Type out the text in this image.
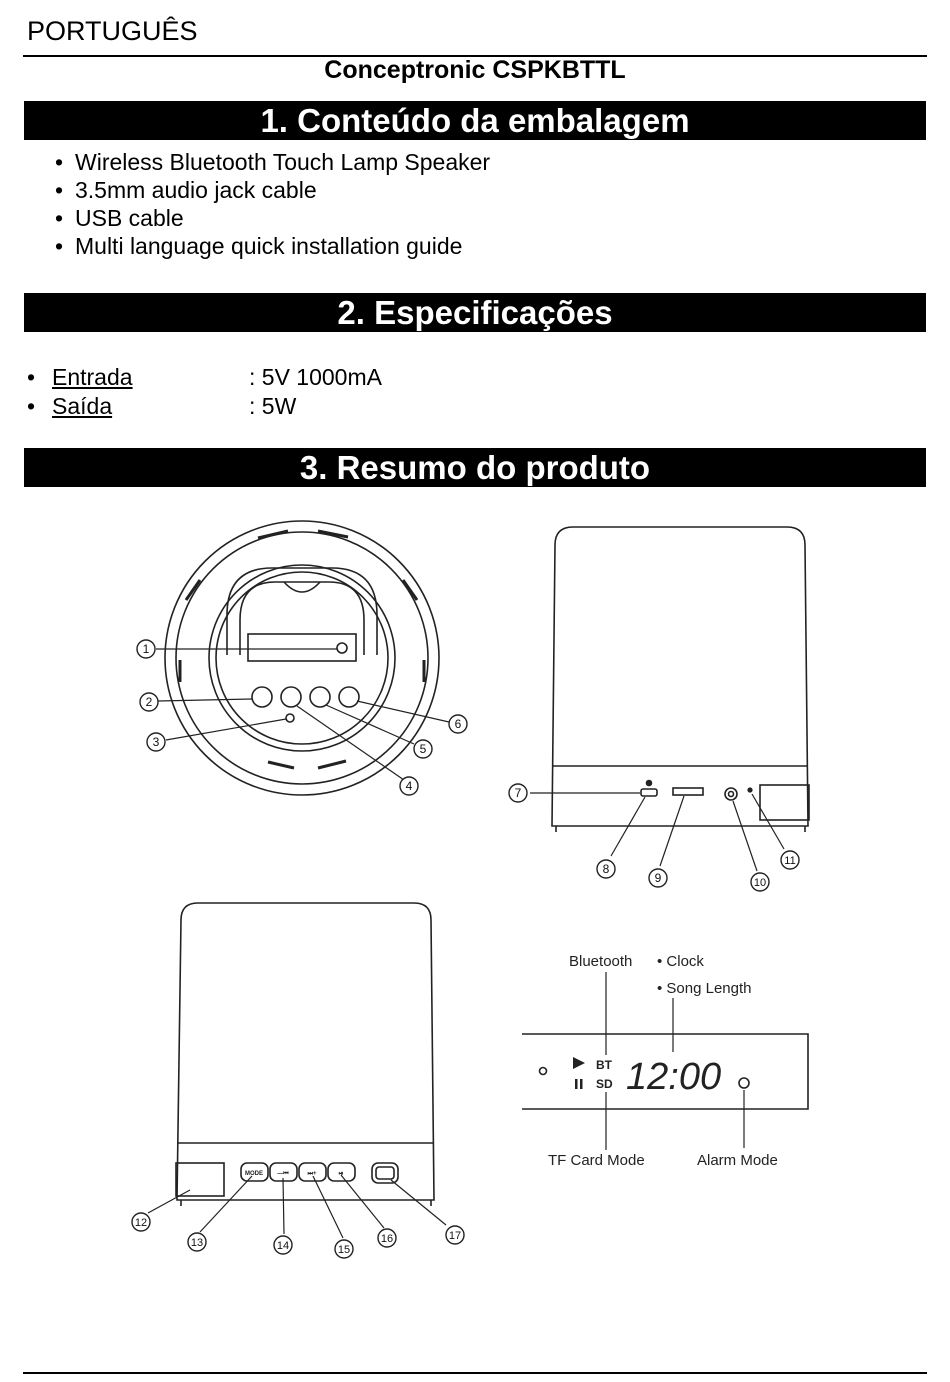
PORTUGUÊS
Conceptronic CSPKBTTL
1. Conteúdo da embalagem
• Wireless Bluetooth Touch Lamp Speaker
• 3.5mm audio jack cable
• USB cable
• Multi language quick installation guide
2. Especificações
• Entrada	: 5V 1000mA
• Saída	: 5W
3. Resumo do produto
1
2
3
4
5
6
7
8
9	10
11
12
13	14	15
16	17
MODE —⏮	⏭+	⏯
Bluetooth • Clock
• Song Length
TF Card Mode	Alarm Mode
BT
SD 12:00
